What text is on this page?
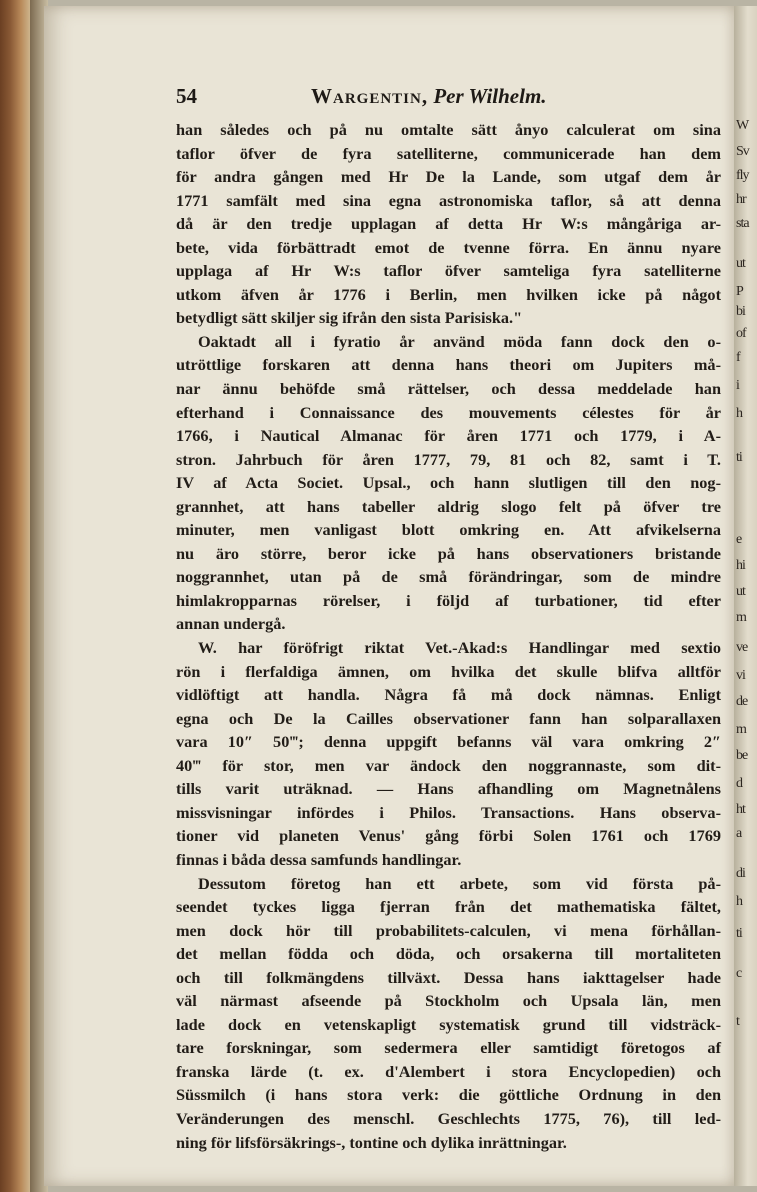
W
Sv
fly
hr
sta
ut
P
bi
of
f
i
h
ti
e
hi
ut
m
ve
vi
de
m
be
d
ht
a
di
h
ti
c
t
54	Wargentin, Per Wilhelm.
han således och på nu omtalte sätt ånyo calculerat om sina
taflor öfver de fyra satelliterne, communicerade han dem
för andra gången med Hr De la Lande, som utgaf dem år
1771 samfält med sina egna astronomiska taflor, så att denna
då är den tredje upplagan af detta Hr W:s mångåriga ar-
bete, vida förbättradt emot de tvenne förra. En ännu nyare
upplaga af Hr W:s taflor öfver samteliga fyra satelliterne
utkom äfven år 1776 i Berlin, men hvilken icke på något
betydligt sätt skiljer sig ifrån den sista Parisiska."
Oaktadt all i fyratio år använd möda fann dock den o-
utröttlige forskaren att denna hans theori om Jupiters må-
nar ännu behöfde små rättelser, och dessa meddelade han
efterhand i Connaissance des mouvements célestes för år
1766, i Nautical Almanac för åren 1771 och 1779, i A-
stron. Jahrbuch för åren 1777, 79, 81 och 82, samt i T.
IV af Acta Societ. Upsal., och hann slutligen till den nog-
grannhet, att hans tabeller aldrig slogo felt på öfver tre
minuter, men vanligast blott omkring en. Att afvikelserna
nu äro större, beror icke på hans observationers bristande
noggrannhet, utan på de små förändringar, som de mindre
himlakropparnas rörelser, i följd af turbationer, tid efter
annan undergå.
W. har föröfrigt riktat Vet.-Akad:s Handlingar med sextio
rön i flerfaldiga ämnen, om hvilka det skulle blifva alltför
vidlöftigt att handla. Några få må dock nämnas. Enligt
egna och De la Cailles observationer fann han solparallaxen
vara 10″ 50‴; denna uppgift befanns väl vara omkring 2″
40‴ för stor, men var ändock den noggrannaste, som dit-
tills varit uträknad. — Hans afhandling om Magnetnålens
missvisningar infördes i Philos. Transactions. Hans observa-
tioner vid planeten Venus' gång förbi Solen 1761 och 1769
finnas i båda dessa samfunds handlingar.
Dessutom företog han ett arbete, som vid första på-
seendet tyckes ligga fjerran från det mathematiska fältet,
men dock hör till probabilitets-calculen, vi mena förhållan-
det mellan födda och döda, och orsakerna till mortaliteten
och till folkmängdens tillväxt. Dessa hans iakttagelser hade
väl närmast afseende på Stockholm och Upsala län, men
lade dock en vetenskapligt systematisk grund till vidsträck-
tare forskningar, som sedermera eller samtidigt företogos af
franska lärde (t. ex. d'Alembert i stora Encyclopedien) och
Süssmilch (i hans stora verk: die göttliche Ordnung in den
Veränderungen des menschl. Geschlechts 1775, 76), till led-
ning för lifsförsäkrings-, tontine och dylika inrättningar.
